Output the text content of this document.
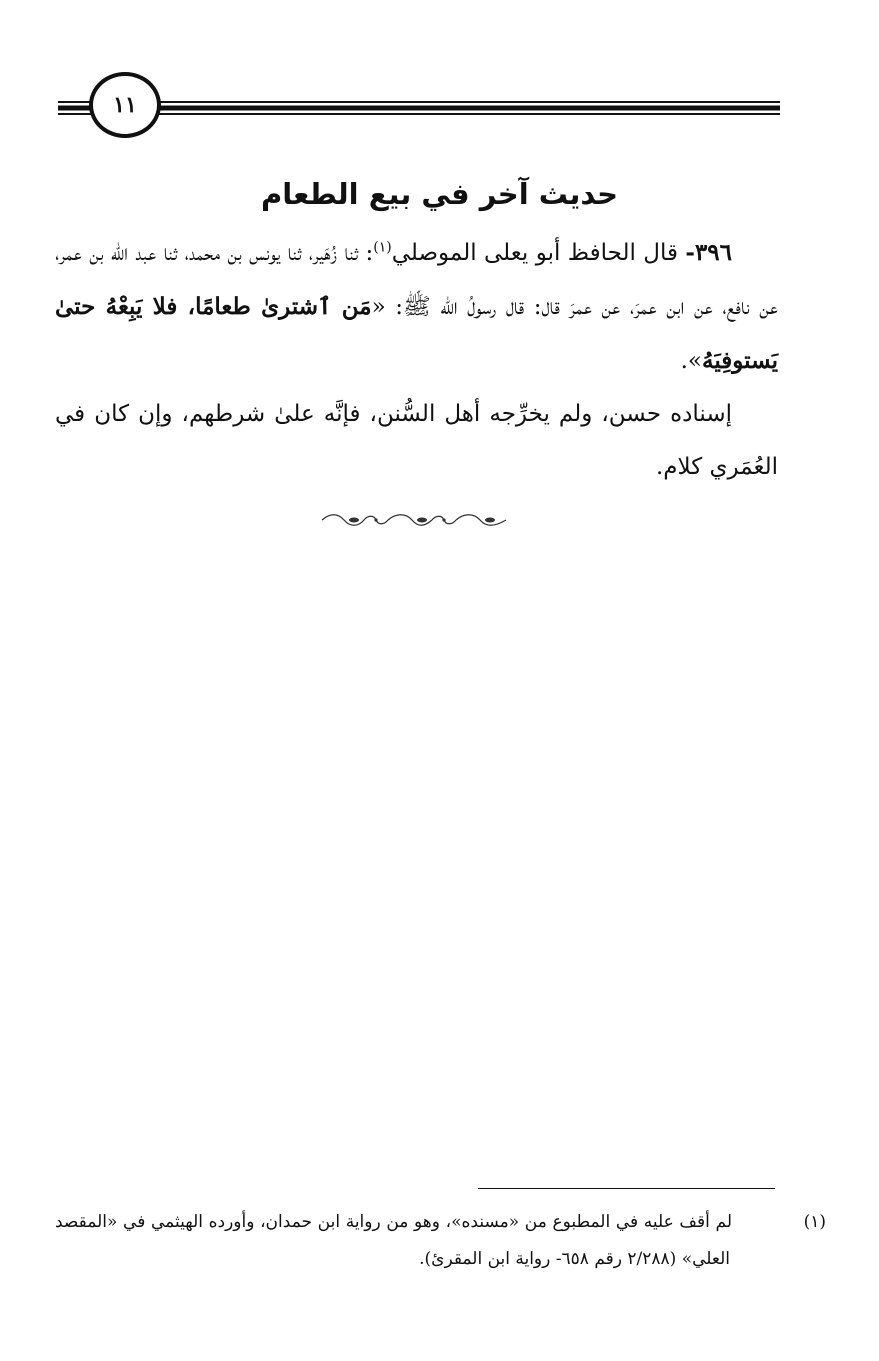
١١
حديث آخر في بيع الطعام

٣٩٦- قال الحافظ أبو يعلى الموصلي$^{(١)}$: ثنا زُهَير، ثنا يونس بن محمد، ثنا عبد الله بن عمر، عن نافع، عن ابن عمرَ، عن عمرَ قال: قال رسولُ الله ﷺ: «مَن ٱشترىٰ طعامًا، فلا يَبِعْهُ حتىٰ يَستوفِيَهُ».

إسناده حسن، ولم يخرِّجه أهل السُّنن، فإنَّه علىٰ شرطهم، وإن كان في العُمَري كلام.

(١)لم أقف عليه في المطبوع من «مسنده»، وهو من رواية ابن حمدان، وأورده الهيثمي في «المقصد العلي» (٢/٢٨٨ رقم ٦٥٨- رواية ابن المقرئ).
